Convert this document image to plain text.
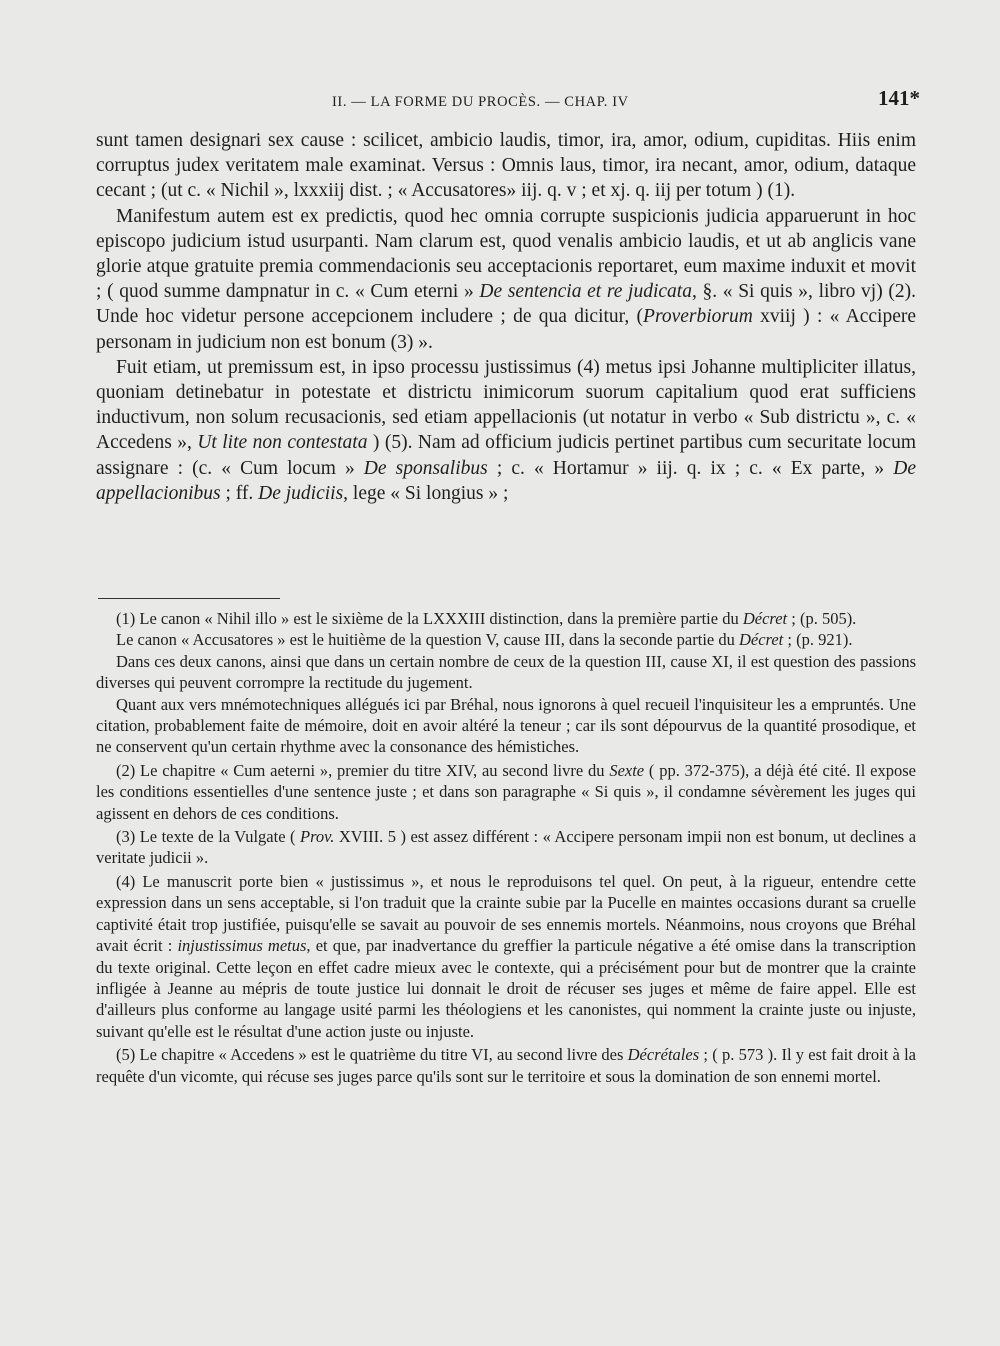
II. — LA FORME DU PROCÈS. — CHAP. IV	141*

sunt tamen designari sex cause : scilicet, ambicio laudis, timor, ira, amor, odium, cupiditas. Hiis enim corruptus judex veritatem male examinat. Versus : Omnis laus, timor, ira necant, amor, odium, dataque cecant ; (ut c. « Nichil », lxxxiij dist. ; « Accusatores» iij. q. v ; et xj. q. iij per totum ) (1).

Manifestum autem est ex predictis, quod hec omnia corrupte suspicionis judicia apparuerunt in hoc episcopo judicium istud usurpanti. Nam clarum est, quod venalis ambicio laudis, et ut ab anglicis vane glorie atque gratuite premia commendacionis seu acceptacionis reportaret, eum maxime induxit et movit ; ( quod summe dampnatur in c. « Cum eterni » De sentencia et re judicata, §. « Si quis », libro vj) (2). Unde hoc videtur persone accepcionem includere ; de qua dicitur, (Proverbiorum xviij ) : « Accipere personam in judicium non est bonum (3) ».

Fuit etiam, ut premissum est, in ipso processu justissimus (4) metus ipsi Johanne multipliciter illatus, quoniam detinebatur in potestate et districtu inimicorum suorum capitalium quod erat sufficiens inductivum, non solum recusacionis, sed etiam appellacionis (ut notatur in verbo « Sub districtu », c. « Accedens », Ut lite non contestata ) (5). Nam ad officium judicis pertinet partibus cum securitate locum assignare : (c. « Cum locum » De sponsalibus ; c. « Hortamur » iij. q. ix ; c. « Ex parte, » De appellacionibus ; ff. De judiciis, lege « Si longius » ;

(1) Le canon « Nihil illo » est le sixième de la LXXXIII distinction, dans la première partie du Décret ; (p. 505).

Le canon « Accusatores » est le huitième de la question V, cause III, dans la seconde partie du Décret ; (p. 921).

Dans ces deux canons, ainsi que dans un certain nombre de ceux de la question III, cause XI, il est question des passions diverses qui peuvent corrompre la rectitude du jugement.

Quant aux vers mnémotechniques allégués ici par Bréhal, nous ignorons à quel recueil l'inquisiteur les a empruntés. Une citation, probablement faite de mémoire, doit en avoir altéré la teneur ; car ils sont dépourvus de la quantité prosodique, et ne conservent qu'un certain rhythme avec la consonance des hémistiches.

(2) Le chapitre « Cum aeterni », premier du titre XIV, au second livre du Sexte ( pp. 372-375), a déjà été cité. Il expose les conditions essentielles d'une sentence juste ; et dans son paragraphe « Si quis », il condamne sévèrement les juges qui agissent en dehors de ces conditions.

(3) Le texte de la Vulgate ( Prov. XVIII. 5 ) est assez différent : « Accipere personam impii non est bonum, ut declines a veritate judicii ».

(4) Le manuscrit porte bien « justissimus », et nous le reproduisons tel quel. On peut, à la rigueur, entendre cette expression dans un sens acceptable, si l'on traduit que la crainte subie par la Pucelle en maintes occasions durant sa cruelle captivité était trop justifiée, puisqu'elle se savait au pouvoir de ses ennemis mortels. Néanmoins, nous croyons que Bréhal avait écrit : injustissimus metus, et que, par inadvertance du greffier la particule négative a été omise dans la transcription du texte original. Cette leçon en effet cadre mieux avec le contexte, qui a précisément pour but de montrer que la crainte infligée à Jeanne au mépris de toute justice lui donnait le droit de récuser ses juges et même de faire appel. Elle est d'ailleurs plus conforme au langage usité parmi les théologiens et les canonistes, qui nomment la crainte juste ou injuste, suivant qu'elle est le résultat d'une action juste ou injuste.

(5) Le chapitre « Accedens » est le quatrième du titre VI, au second livre des Décrétales ; ( p. 573 ). Il y est fait droit à la requête d'un vicomte, qui récuse ses juges parce qu'ils sont sur le territoire et sous la domination de son ennemi mortel.
